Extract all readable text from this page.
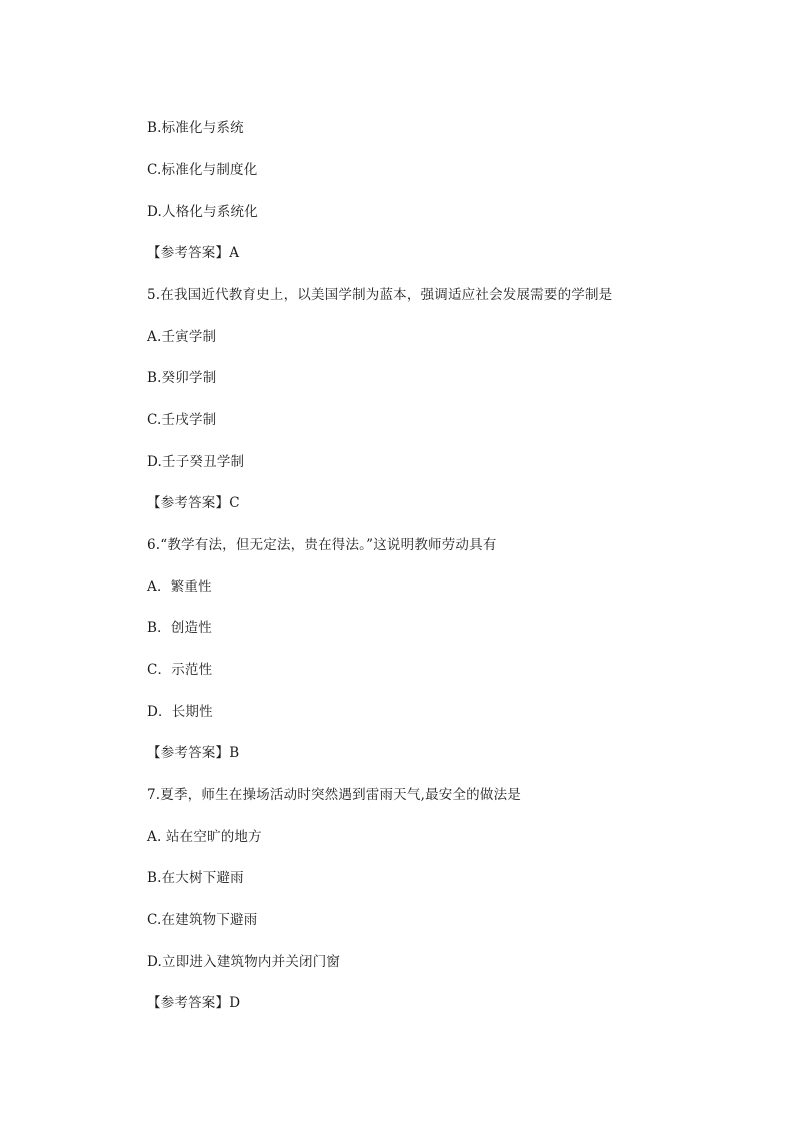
B.标准化与系统
C.标准化与制度化
D.人格化与系统化
【参考答案】A
5.在我国近代教育史上，以美国学制为蓝本，强调适应社会发展需要的学制是
A.壬寅学制
B.癸卯学制
C.壬戌学制
D.壬子癸丑学制
【参考答案】C
6.“教学有法，但无定法，贵在得法。”这说明教师劳动具有
A．繁重性
B．创造性
C．示范性
D．长期性
【参考答案】B
7.夏季，师生在操场活动时突然遇到雷雨天气,最安全的做法是
A. 站在空旷的地方
B.在大树下避雨
C.在建筑物下避雨
D.立即进入建筑物内并关闭门窗
【参考答案】D
